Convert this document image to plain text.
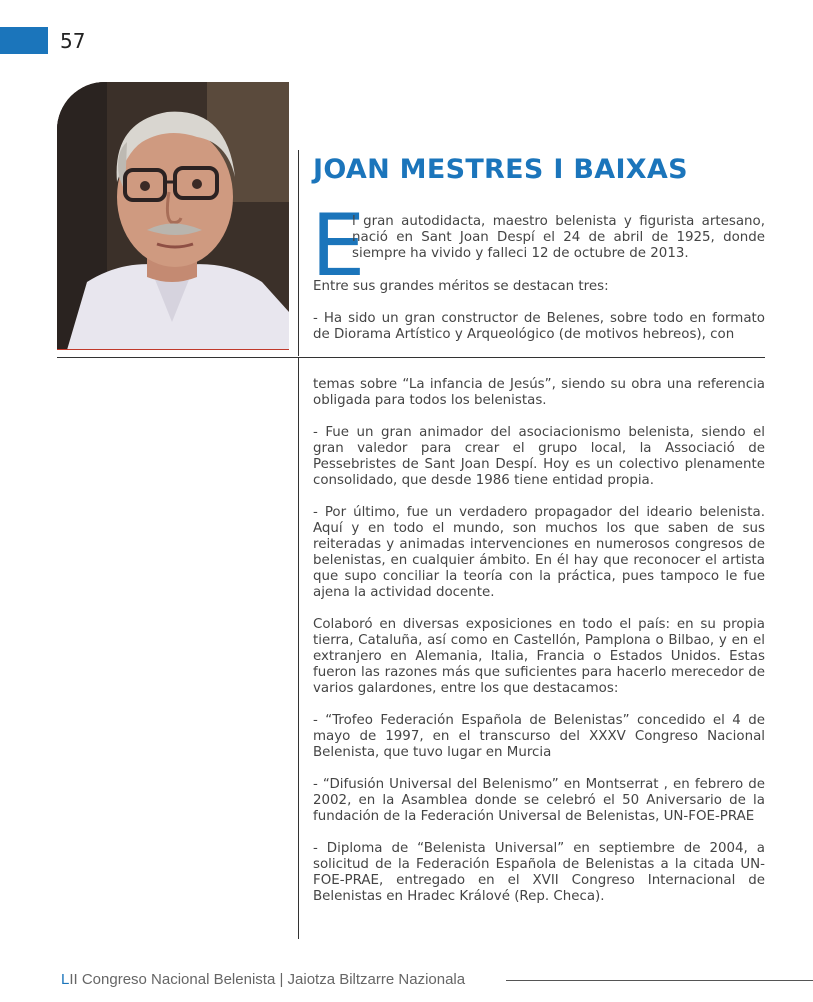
57
JOAN MESTRES I BAIXAS
E

l gran autodidacta, maestro belenista y figurista artesano, nació en Sant Joan Despí el 24 de abril de 1925, donde siempre ha vivido y falleci 12 de octubre de 2013.

Entre sus grandes méritos se destacan tres:

- Ha sido un gran constructor de Belenes, sobre todo en formato de Diorama Artístico y Arqueológico (de motivos hebreos), con

temas sobre “La infancia de Jesús”, siendo su obra una referencia obligada para todos los belenistas.

- Fue un gran animador del asociacionismo belenista, siendo el gran valedor para crear el grupo local, la Associació de Pessebristes de Sant Joan Despí. Hoy es un colectivo plenamente consolidado, que desde 1986 tiene entidad propia.

- Por último, fue un verdadero propagador del ideario belenista. Aquí y en todo el mundo, son muchos los que saben de sus reiteradas y animadas intervenciones en numerosos congresos de belenistas, en cualquier ámbito. En él hay que reconocer el artista que supo conciliar la teoría con la práctica, pues tampoco le fue ajena la actividad docente.

Colaboró en diversas exposiciones en todo el país: en su propia tierra, Cataluña, así como en Castellón, Pamplona o Bilbao, y en el extranjero en Alemania, Italia, Francia o Estados Unidos. Estas fueron las razones más que suficientes para hacerlo merecedor de varios galardones, entre los que destacamos:

- “Trofeo Federación Española de Belenistas” concedido el 4 de mayo de 1997, en el transcurso del XXXV Congreso Nacional Belenista, que tuvo lugar en Murcia

- “Difusión Universal del Belenismo” en Montserrat , en febrero de 2002, en la Asamblea donde se celebró el 50 Aniversario de la fundación de la Federación Universal de Belenistas, UN-FOE-PRAE

- Diploma de “Belenista Universal” en septiembre de 2004, a solicitud de la Federación Española de Belenistas a la citada UN-FOE-PRAE, entregado en el XVII Congreso Internacional de Belenistas en Hradec Králové (Rep. Checa).

LII Congreso Nacional Belenista | Jaiotza Biltzarre Nazionala
